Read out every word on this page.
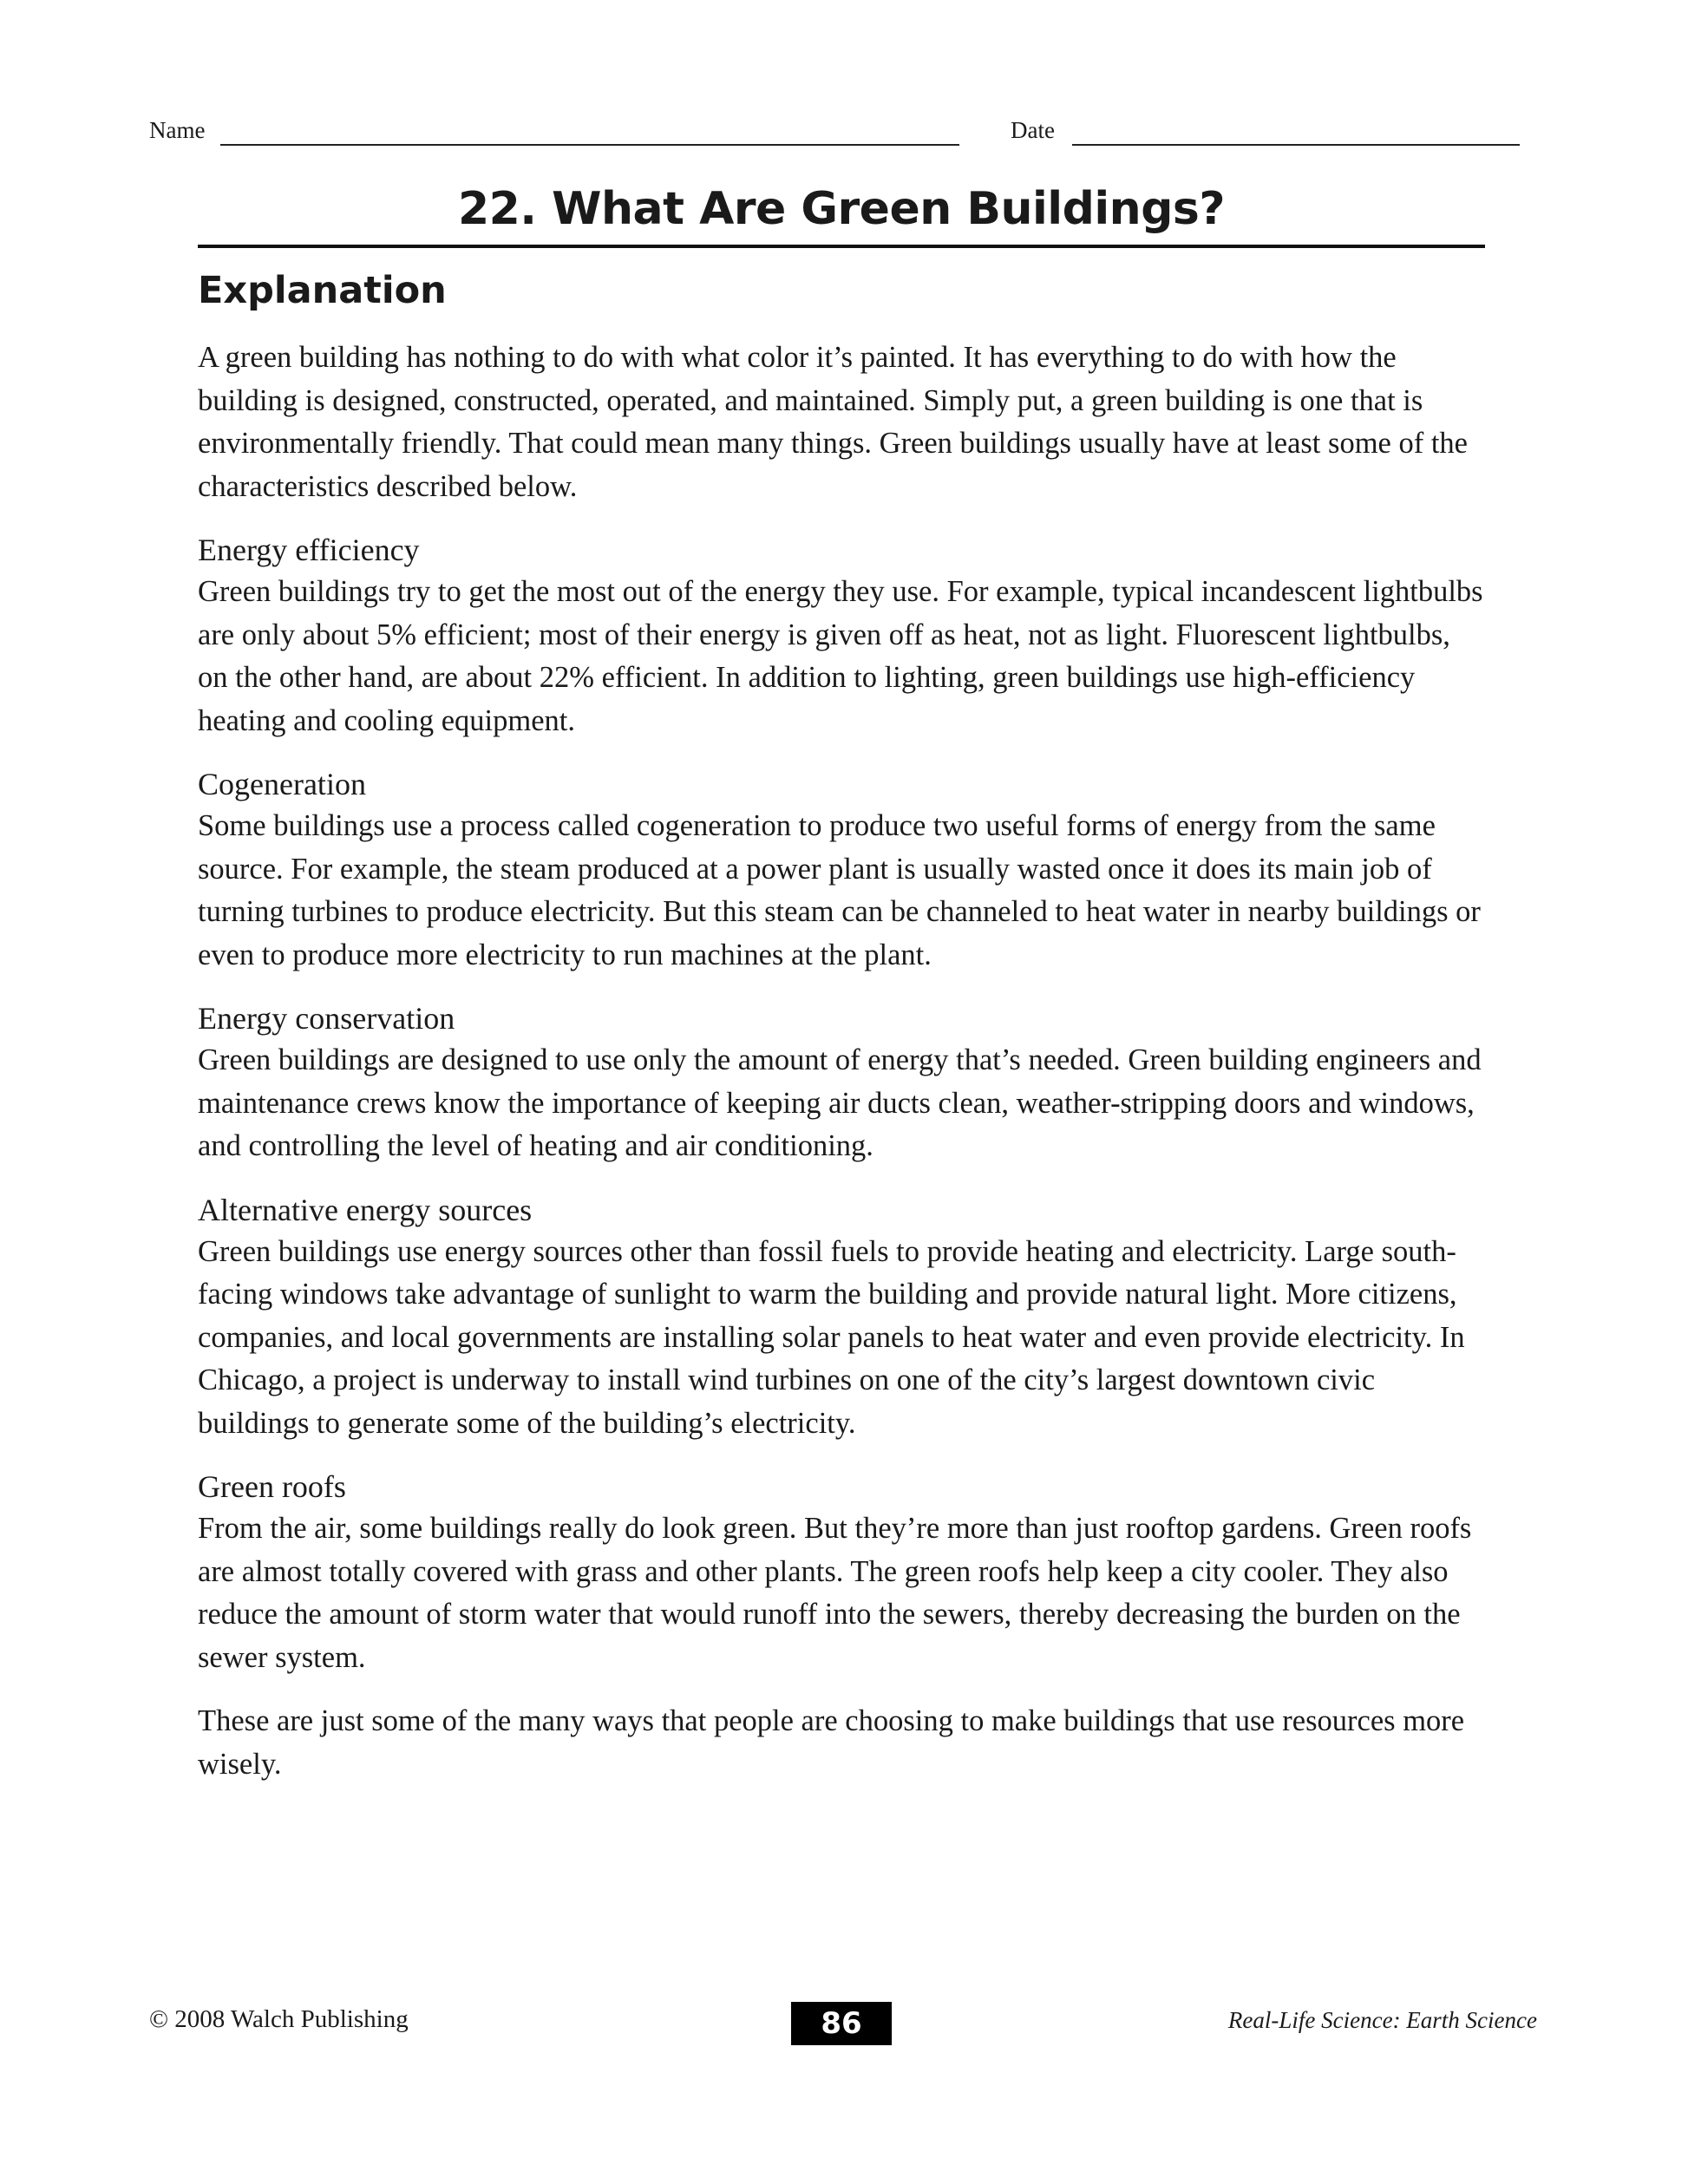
Name	Date
22. What Are Green Buildings?
Explanation

A green building has nothing to do with what color it’s painted. It has everything to do with how the building is designed, constructed, operated, and maintained. Simply put, a green building is one that is environmentally friendly. That could mean many things. Green buildings usually have at least some of the characteristics described below.

Energy efficiency

Green buildings try to get the most out of the energy they use. For example, typical incandescent lightbulbs are only about 5% efficient; most of their energy is given off as heat, not as light. Fluorescent lightbulbs, on the other hand, are about 22% efficient. In addition to lighting, green buildings use high-efficiency heating and cooling equipment.

Cogeneration

Some buildings use a process called cogeneration to produce two useful forms of energy from the same source. For example, the steam produced at a power plant is usually wasted once it does its main job of turning turbines to produce electricity. But this steam can be channeled to heat water in nearby buildings or even to produce more electricity to run machines at the plant.

Energy conservation

Green buildings are designed to use only the amount of energy that’s needed. Green building engineers and maintenance crews know the importance of keeping air ducts clean, weather-stripping doors and windows, and controlling the level of heating and air conditioning.

Alternative energy sources

Green buildings use energy sources other than fossil fuels to provide heating and electricity. Large south-facing windows take advantage of sunlight to warm the building and provide natural light. More citizens, companies, and local governments are installing solar panels to heat water and even provide electricity. In Chicago, a project is underway to install wind turbines on one of the city’s largest downtown civic buildings to generate some of the building’s electricity.

Green roofs

From the air, some buildings really do look green. But they’re more than just rooftop gardens. Green roofs are almost totally covered with grass and other plants. The green roofs help keep a city cooler. They also reduce the amount of storm water that would runoff into the sewers, thereby decreasing the burden on the sewer system.

These are just some of the many ways that people are choosing to make buildings that use resources more wisely.

© 2008 Walch Publishing	86	Real-Life Science: Earth Science
